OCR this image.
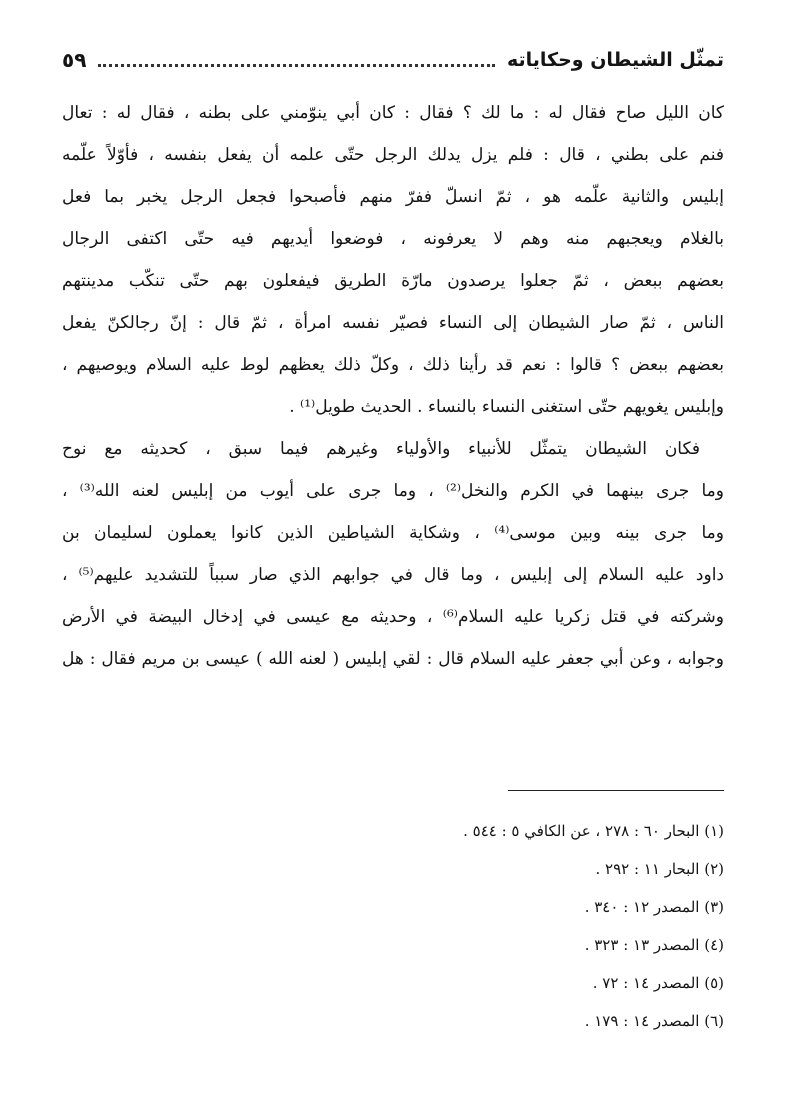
تمثّل الشيطان وحكاياته
٥٩
كان الليل صاح فقال له : ما لك ؟ فقال : كان أبي ينوّمني على بطنه ، فقال له : تعال
فنم على بطني ، قال : فلم يزل يدلك الرجل حتّى علمه أن يفعل بنفسه ، فأوّلاً علّمه
إبليس والثانية علّمه هو ، ثمّ انسلّ ففرّ منهم فأصبحوا فجعل الرجل يخبر بما فعل
بالغلام ويعجبهم منه وهم لا يعرفونه ، فوضعوا أيديهم فيه حتّى اكتفى الرجال
بعضهم ببعض ، ثمّ جعلوا يرصدون مارّة الطريق فيفعلون بهم حتّى تنكّب مدينتهم
الناس ، ثمّ صار الشيطان إلى النساء فصيّر نفسه امرأة ، ثمّ قال : إنّ رجالكنّ يفعل
بعضهم ببعض ؟ قالوا : نعم قد رأينا ذلك ، وكلّ ذلك يعظهم لوط عليه السلام ويوصيهم ،
وإبليس يغويهم حتّى استغنى النساء بالنساء . الحديث طويل⁽¹⁾ .
فكان الشيطان يتمثّل للأنبياء والأولياء وغيرهم فيما سبق ، كحديثه مع نوح
وما جرى بينهما في الكرم والنخل⁽²⁾ ، وما جرى على أيوب من إبليس لعنه الله⁽³⁾ ،
وما جرى بينه وبين موسى⁽⁴⁾ ، وشكاية الشياطين الذين كانوا يعملون لسليمان بن
داود عليه السلام إلى إبليس ، وما قال في جوابهم الذي صار سبباً للتشديد عليهم⁽⁵⁾ ،
وشركته في قتل زكريا عليه السلام⁽⁶⁾ ، وحديثه مع عيسى في إدخال البيضة في الأرض
وجوابه ، وعن أبي جعفر عليه السلام قال : لقي إبليس ( لعنه الله ) عيسى بن مريم فقال : هل
(١) البحار ٦٠ : ٢٧٨ ، عن الكافي ٥ : ٥٤٤ .
(٢) البحار ١١ : ٢٩٢ .
(٣) المصدر ١٢ : ٣٤٠ .
(٤) المصدر ١٣ : ٣٢٣ .
(٥) المصدر ١٤ : ٧٢ .
(٦) المصدر ١٤ : ١٧٩ .
